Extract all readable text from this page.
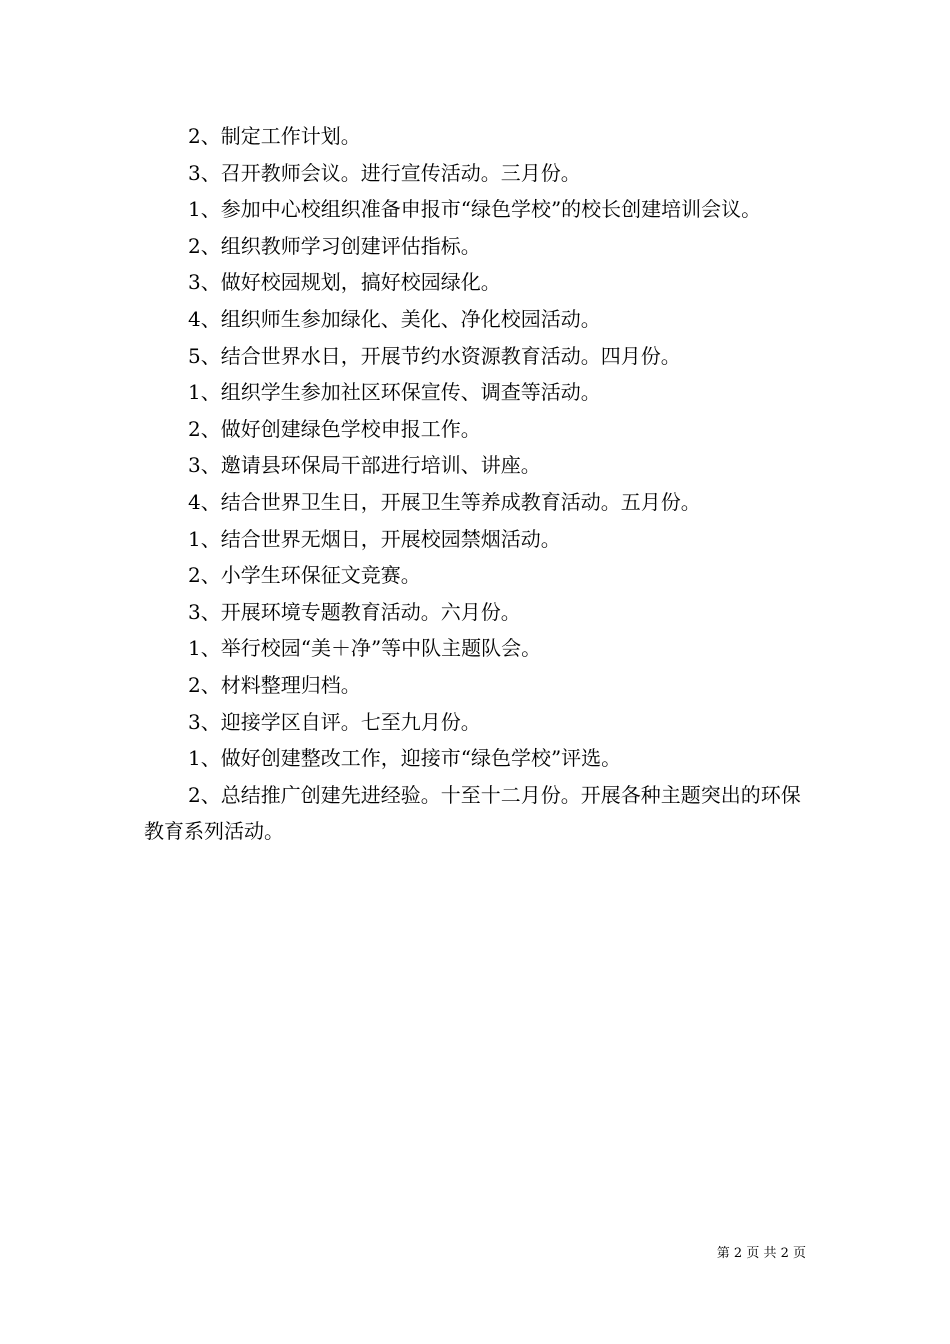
2、制定工作计划。

3、召开教师会议。进行宣传活动。三月份。

1、参加中心校组织准备申报市“绿色学校”的校长创建培训会议。

2、组织教师学习创建评估指标。

3、做好校园规划，搞好校园绿化。

4、组织师生参加绿化、美化、净化校园活动。

5、结合世界水日，开展节约水资源教育活动。四月份。

1、组织学生参加社区环保宣传、调查等活动。

2、做好创建绿色学校申报工作。

3、邀请县环保局干部进行培训、讲座。

4、结合世界卫生日，开展卫生等养成教育活动。五月份。

1、结合世界无烟日，开展校园禁烟活动。

2、小学生环保征文竞赛。

3、开展环境专题教育活动。六月份。

1、举行校园“美＋净”等中队主题队会。

2、材料整理归档。

3、迎接学区自评。七至九月份。

1、做好创建整改工作，迎接市“绿色学校”评选。

2、总结推广创建先进经验。十至十二月份。开展各种主题突出的环保教育系列活动。

第 2 页 共 2 页
